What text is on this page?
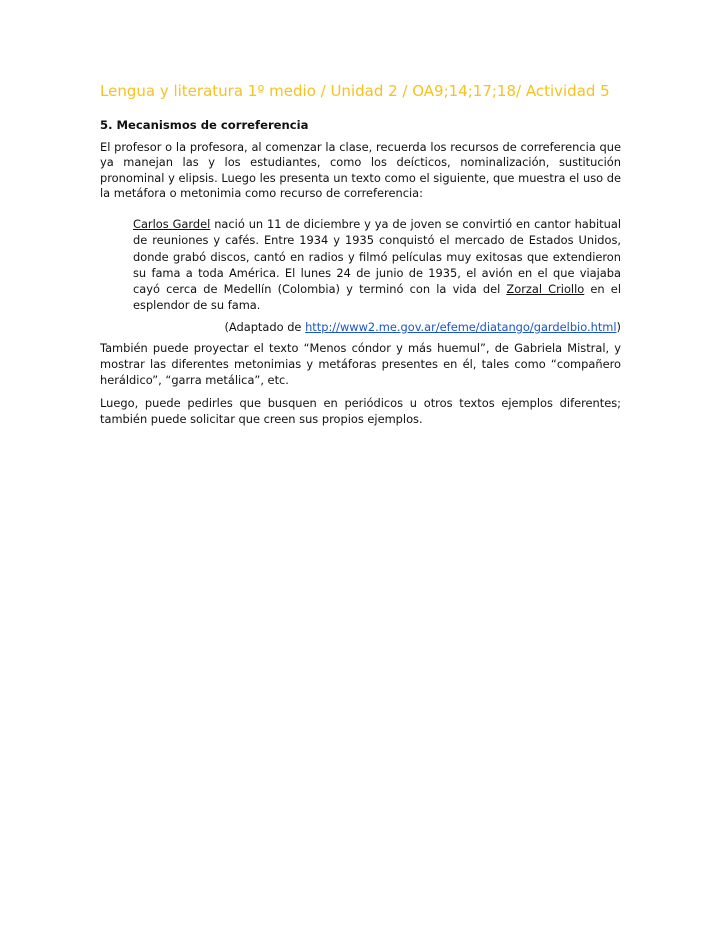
Lengua y literatura 1º medio / Unidad 2 / OA9;14;17;18/ Actividad 5
5. Mecanismos de correferencia

El profesor o la profesora, al comenzar la clase, recuerda los recursos de correferencia que ya manejan las y los estudiantes, como los deícticos, nominalización, sustitución pronominal y elipsis. Luego les presenta un texto como el siguiente, que muestra el uso de la metáfora o metonimia como recurso de correferencia:

Carlos Gardel nació un 11 de diciembre y ya de joven se convirtió en cantor habitual de reuniones y cafés. Entre 1934 y 1935 conquistó el mercado de Estados Unidos, donde grabó discos, cantó en radios y filmó películas muy exitosas que extendieron su fama a toda América. El lunes 24 de junio de 1935, el avión en el que viajaba cayó cerca de Medellín (Colombia) y terminó con la vida del Zorzal Criollo en el esplendor de su fama.

(Adaptado de http://www2.me.gov.ar/efeme/diatango/gardelbio.html)

También puede proyectar el texto “Menos cóndor y más huemul”, de Gabriela Mistral, y mostrar las diferentes metonimias y metáforas presentes en él, tales como “compañero heráldico”, “garra metálica”, etc.

Luego, puede pedirles que busquen en periódicos u otros textos ejemplos diferentes; también puede solicitar que creen sus propios ejemplos.
